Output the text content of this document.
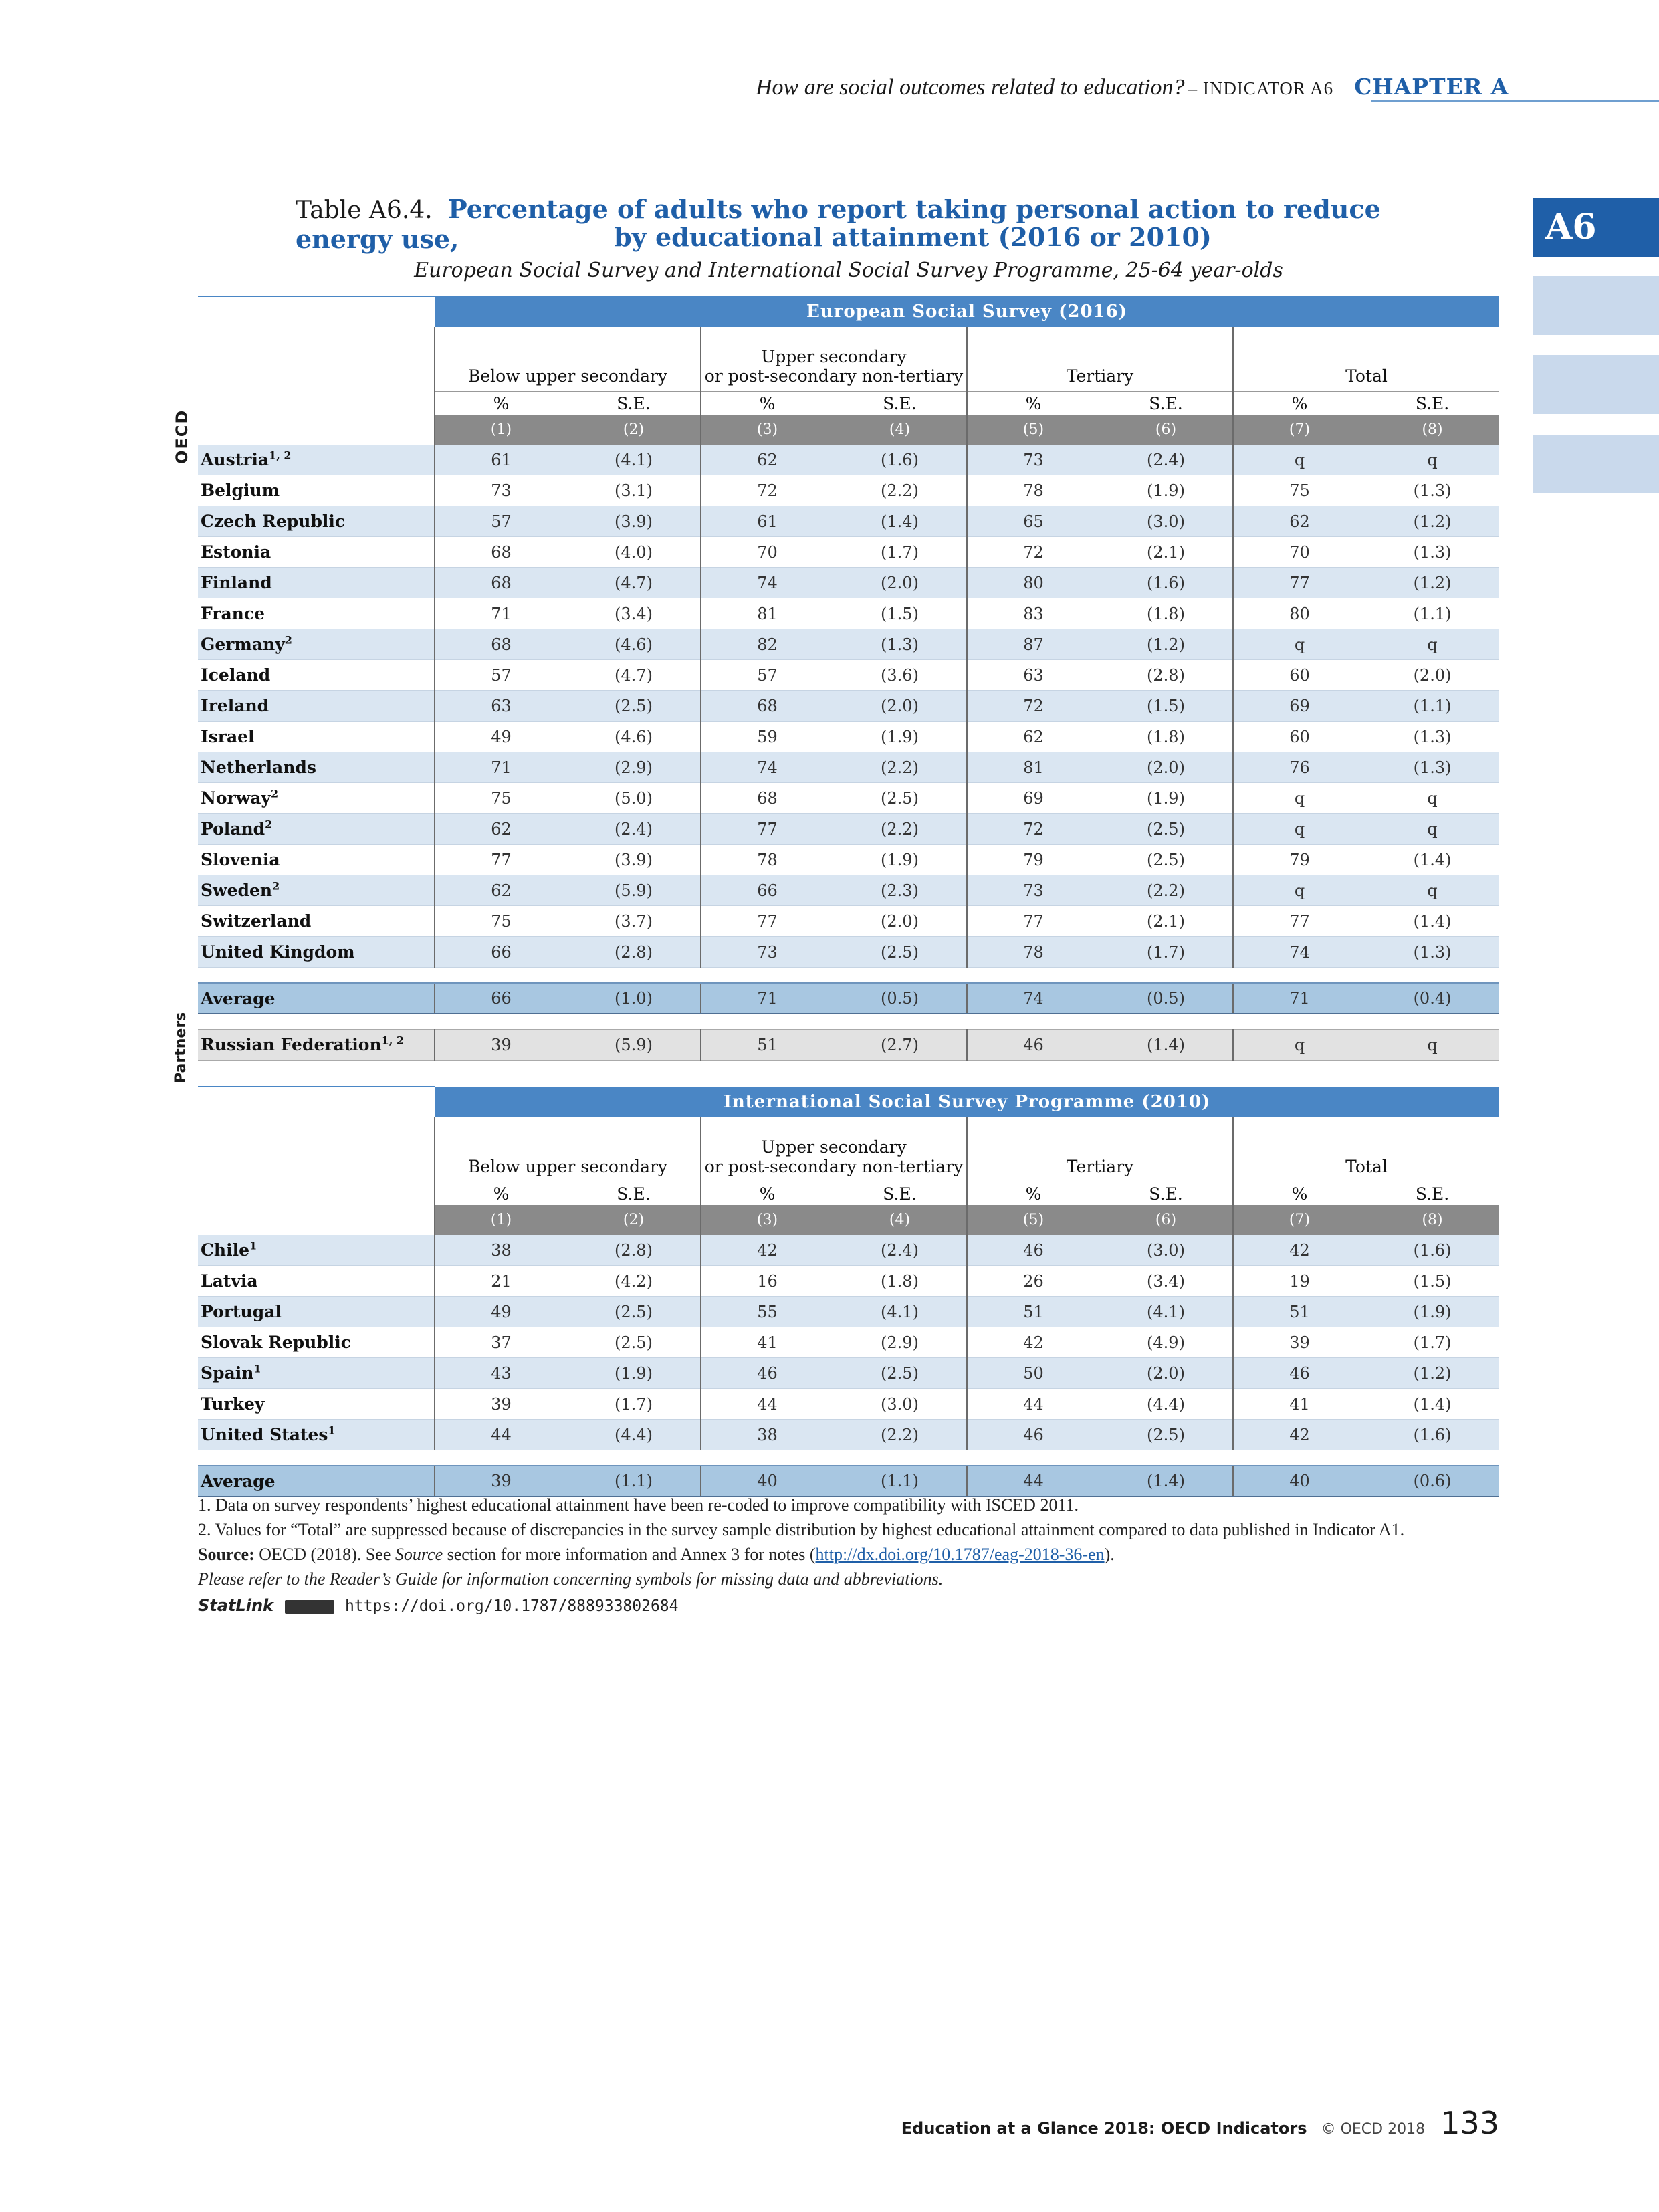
How are social outcomes related to education? – INDICATOR A6 CHAPTER A
A6
Table A6.4. Percentage of adults who report taking personal action to reduce energy use,	by educational attainment (2016 or 2010)
European Social Survey and International Social Survey Programme, 25-64 year-olds
OECD
Partners
	European Social Survey (2016)							
	Below upper secondary		Upper secondary
or post-secondary non-tertiary		Tertiary		Total	
	%	S.E.	%	S.E.	%	S.E.	%	S.E.
	(1)	(2)	(3)	(4)	(5)	(6)	(7)	(8)
Austria$^{1, 2}$	61	(4.1)	62	(1.6)	73	(2.4)	q	q
Belgium	73	(3.1)	72	(2.2)	78	(1.9)	75	(1.3)
Czech Republic	57	(3.9)	61	(1.4)	65	(3.0)	62	(1.2)
Estonia	68	(4.0)	70	(1.7)	72	(2.1)	70	(1.3)
Finland	68	(4.7)	74	(2.0)	80	(1.6)	77	(1.2)
France	71	(3.4)	81	(1.5)	83	(1.8)	80	(1.1)
Germany$^2$	68	(4.6)	82	(1.3)	87	(1.2)	q	q
Iceland	57	(4.7)	57	(3.6)	63	(2.8)	60	(2.0)
Ireland	63	(2.5)	68	(2.0)	72	(1.5)	69	(1.1)
Israel	49	(4.6)	59	(1.9)	62	(1.8)	60	(1.3)
Netherlands	71	(2.9)	74	(2.2)	81	(2.0)	76	(1.3)
Norway$^2$	75	(5.0)	68	(2.5)	69	(1.9)	q	q
Poland$^2$	62	(2.4)	77	(2.2)	72	(2.5)	q	q
Slovenia	77	(3.9)	78	(1.9)	79	(2.5)	79	(1.4)
Sweden$^2$	62	(5.9)	66	(2.3)	73	(2.2)	q	q
Switzerland	75	(3.7)	77	(2.0)	77	(2.1)	77	(1.4)
United Kingdom	66	(2.8)	73	(2.5)	78	(1.7)	74	(1.3)

Average	66	(1.0)	71	(0.5)	74	(0.5)	71	(0.4)

Russian Federation$^{1, 2}$	39	(5.9)	51	(2.7)	46	(1.4)	q	q
	International Social Survey Programme (2010)							
	Below upper secondary		Upper secondary
or post-secondary non-tertiary		Tertiary		Total	
	%	S.E.	%	S.E.	%	S.E.	%	S.E.
	(1)	(2)	(3)	(4)	(5)	(6)	(7)	(8)
Chile$^1$	38	(2.8)	42	(2.4)	46	(3.0)	42	(1.6)
Latvia	21	(4.2)	16	(1.8)	26	(3.4)	19	(1.5)
Portugal	49	(2.5)	55	(4.1)	51	(4.1)	51	(1.9)
Slovak Republic	37	(2.5)	41	(2.9)	42	(4.9)	39	(1.7)
Spain$^1$	43	(1.9)	46	(2.5)	50	(2.0)	46	(1.2)
Turkey	39	(1.7)	44	(3.0)	44	(4.4)	41	(1.4)
United States$^1$	44	(4.4)	38	(2.2)	46	(2.5)	42	(1.6)

Average	39	(1.1)	40	(1.1)	44	(1.4)	40	(0.6)
1. Data on survey respondents’ highest educational attainment have been re-coded to improve compatibility with ISCED 2011.
2. Values for “Total” are suppressed because of discrepancies in the survey sample distribution by highest educational attainment compared to data published in Indicator A1.
Source: OECD (2018). See Source section for more information and Annex 3 for notes (http://dx.doi.org/10.1787/eag-2018-36-en).
Please refer to the Reader’s Guide for information concerning symbols for missing data and abbreviations.
StatLink	https://doi.org/10.1787/888933802684
Education at a Glance 2018: OECD Indicators © OECD 2018 133
